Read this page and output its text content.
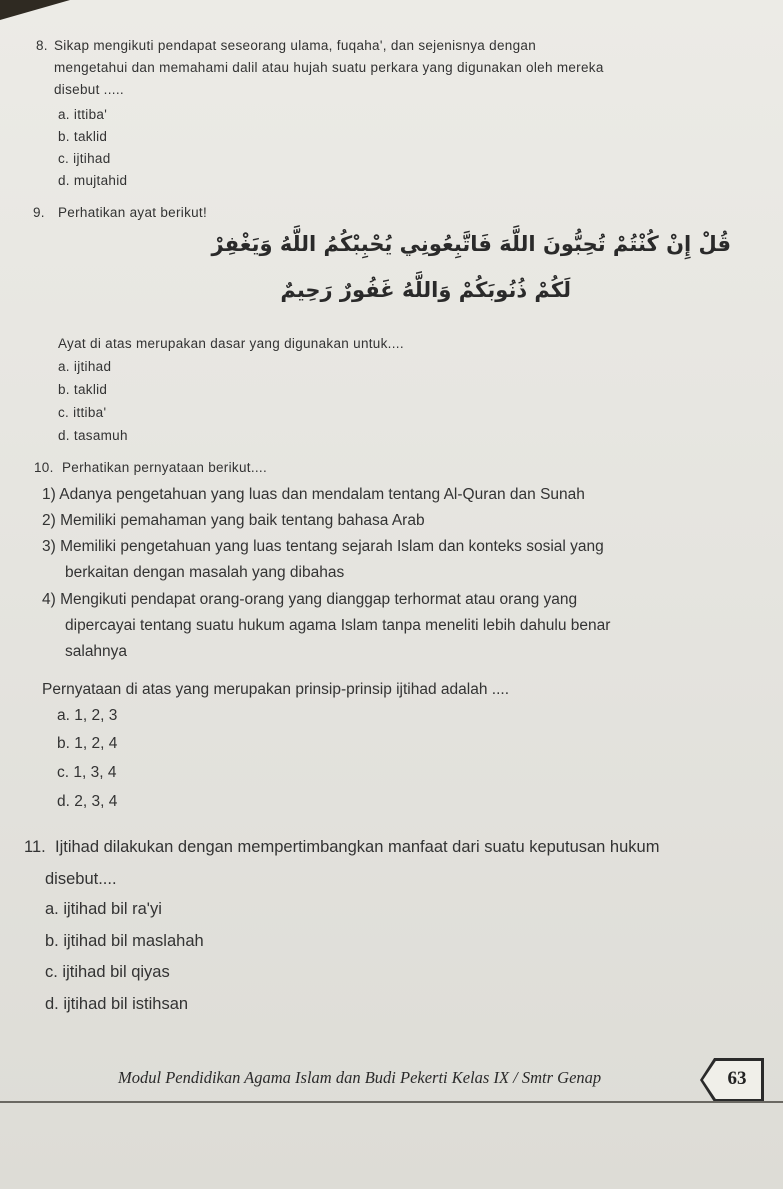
8. Sikap mengikuti pendapat seseorang ulama, fuqaha', dan sejenisnya dengan
mengetahui dan memahami dalil atau hujah suatu perkara yang digunakan oleh mereka
disebut .....
a. ittiba'
b. taklid
c. ijtihad
d. mujtahid
9. Perhatikan ayat berikut!
قُلْ إِنْ كُنْتُمْ تُحِبُّونَ اللَّهَ فَاتَّبِعُونِي يُحْبِبْكُمُ اللَّهُ وَيَغْفِرْ
لَكُمْ ذُنُوبَكُمْ وَاللَّهُ غَفُورٌ رَحِيمٌ
Ayat di atas merupakan dasar yang digunakan untuk....
a. ijtihad
b. taklid
c. ittiba'
d. tasamuh
10. Perhatikan pernyataan berikut....
1) Adanya pengetahuan yang luas dan mendalam tentang Al-Quran dan Sunah
2) Memiliki pemahaman yang baik tentang bahasa Arab
3) Memiliki pengetahuan yang luas tentang sejarah Islam dan konteks sosial yang
berkaitan dengan masalah yang dibahas
4) Mengikuti pendapat orang-orang yang dianggap terhormat atau orang yang
dipercayai tentang suatu hukum agama Islam tanpa meneliti lebih dahulu benar
salahnya
Pernyataan di atas yang merupakan prinsip-prinsip ijtihad adalah ....
a. 1, 2, 3
b. 1, 2, 4
c. 1, 3, 4
d. 2, 3, 4
11. Ijtihad dilakukan dengan mempertimbangkan manfaat dari suatu keputusan hukum
disebut....
a. ijtihad bil ra'yi
b. ijtihad bil maslahah
c. ijtihad bil qiyas
d. ijtihad bil istihsan
Modul Pendidikan Agama Islam dan Budi Pekerti Kelas IX / Smtr Genap	63
